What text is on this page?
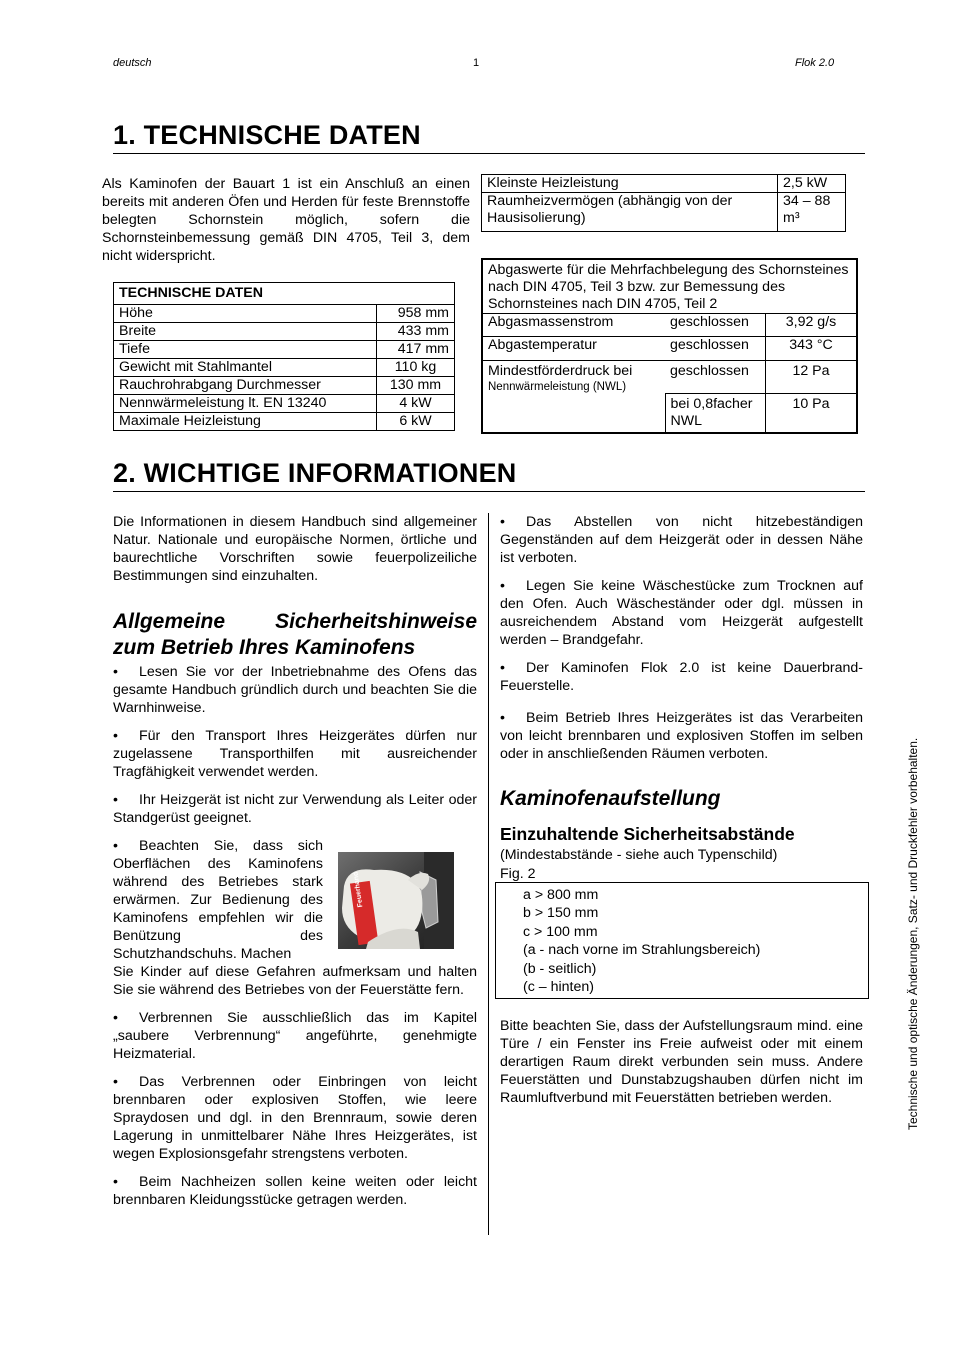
deutsch	1	Flok 2.0
1. TECHNISCHE DATEN

Als Kaminofen der Bauart 1 ist ein Anschluß an einen bereits mit anderen Öfen und Herden für feste Brennstoffe belegten Schornstein möglich, sofern die Schornsteinbemessung gemäß DIN 4705, Teil 3, dem nicht widerspricht.

Kleinste Heizleistung	2,5 kW
Raumheizvermögen (abhängig von der Hausisolierung)	34 – 88 m³
TECHNISCHE DATEN	
Höhe	958 mm
Breite	433 mm
Tiefe	417 mm
Gewicht mit Stahlmantel	110 kg
Rauchrohrabgang Durchmesser	130 mm
Nennwärmeleistung lt. EN 13240	4 kW
Maximale Heizleistung	6 kW
Abgaswerte für die Mehrfachbelegung des Schornsteines nach DIN 4705, Teil 3 bzw. zur Bemessung des Schornsteines nach DIN 4705, Teil 2		
Abgasmassenstrom	geschlossen	3,92 g/s
Abgastemperatur	geschlossen	343 °C

Mindestförderdruck bei
Nennwärmeleistung (NWL)	geschlossen	12 Pa
	bei 0,8facher NWL	10 Pa
2. WICHTIGE INFORMATIONEN

Die Informationen in diesem Handbuch sind allgemeiner Natur. Nationale und europäische Normen, örtliche und baurechtliche Vorschriften sowie feuerpolizeiliche Bestimmungen sind einzuhalten.

Allgemeine Sicherheitshinweise zum Betrieb Ihres Kaminofens

• Lesen Sie vor der Inbetriebnahme des Ofens das gesamte Handbuch gründlich durch und beachten Sie die Warnhinweise.

• Für den Transport Ihres Heizgerätes dürfen nur zugelassene Transporthilfen mit ausreichender Tragfähigkeit verwendet werden.

• Ihr Heizgerät ist nicht zur Verwendung als Leiter oder Standgerüst geeignet.

• Beachten Sie, dass sich Oberflächen des Kaminofens während des Betriebes stark erwärmen. Zur Bedienung des Kaminofens empfehlen wir die Benützung des Schutzhandschuhs. Machen

Sie Kinder auf diese Gefahren aufmerksam und halten Sie sie während des Betriebes von der Feuerstätte fern.

• Verbrennen Sie ausschließlich das im Kapitel „saubere Verbrennung“ angeführte, genehmigte Heizmaterial.

• Das Verbrennen oder Einbringen von leicht brennbaren oder explosiven Stoffen, wie leere Spraydosen und dgl. in den Brennraum, sowie deren Lagerung in unmittelbarer Nähe Ihres Heizgerätes, ist wegen Explosionsgefahr strengstens verboten.

• Beim Nachheizen sollen keine weiten oder leicht brennbaren Kleidungsstücke getragen werden.

Feuerhand

• Das Abstellen von nicht hitzebeständigen Gegenständen auf dem Heizgerät oder in dessen Nähe ist verboten.

• Legen Sie keine Wäschestücke zum Trocknen auf den Ofen. Auch Wäscheständer oder dgl. müssen in ausreichendem Abstand vom Heizgerät aufgestellt werden – Brandgefahr.

• Der Kaminofen Flok 2.0 ist keine Dauerbrand-Feuerstelle.

• Beim Betrieb Ihres Heizgerätes ist das Verarbeiten von leicht brennbaren und explosiven Stoffen im selben oder in anschließenden Räumen verboten.

Kaminofenaufstellung

Einzuhaltende Sicherheitsabstände

(Mindestabstände - siehe auch Typenschild)

Fig. 2

a > 800 mm
b > 150 mm
c > 100 mm
(a - nach vorne im Strahlungsbereich)
(b - seitlich)
(c – hinten)

Bitte beachten Sie, dass der Aufstellungsraum mind. eine Türe / ein Fenster ins Freie aufweist oder mit einem derartigen Raum direkt verbunden sein muss. Andere Feuerstätten und Dunstabzugshauben dürfen nicht im Raumluftverbund mit Feuerstätten betrieben werden.	Technische und optische Änderungen, Satz- und Druckfehler vorbehalten.
